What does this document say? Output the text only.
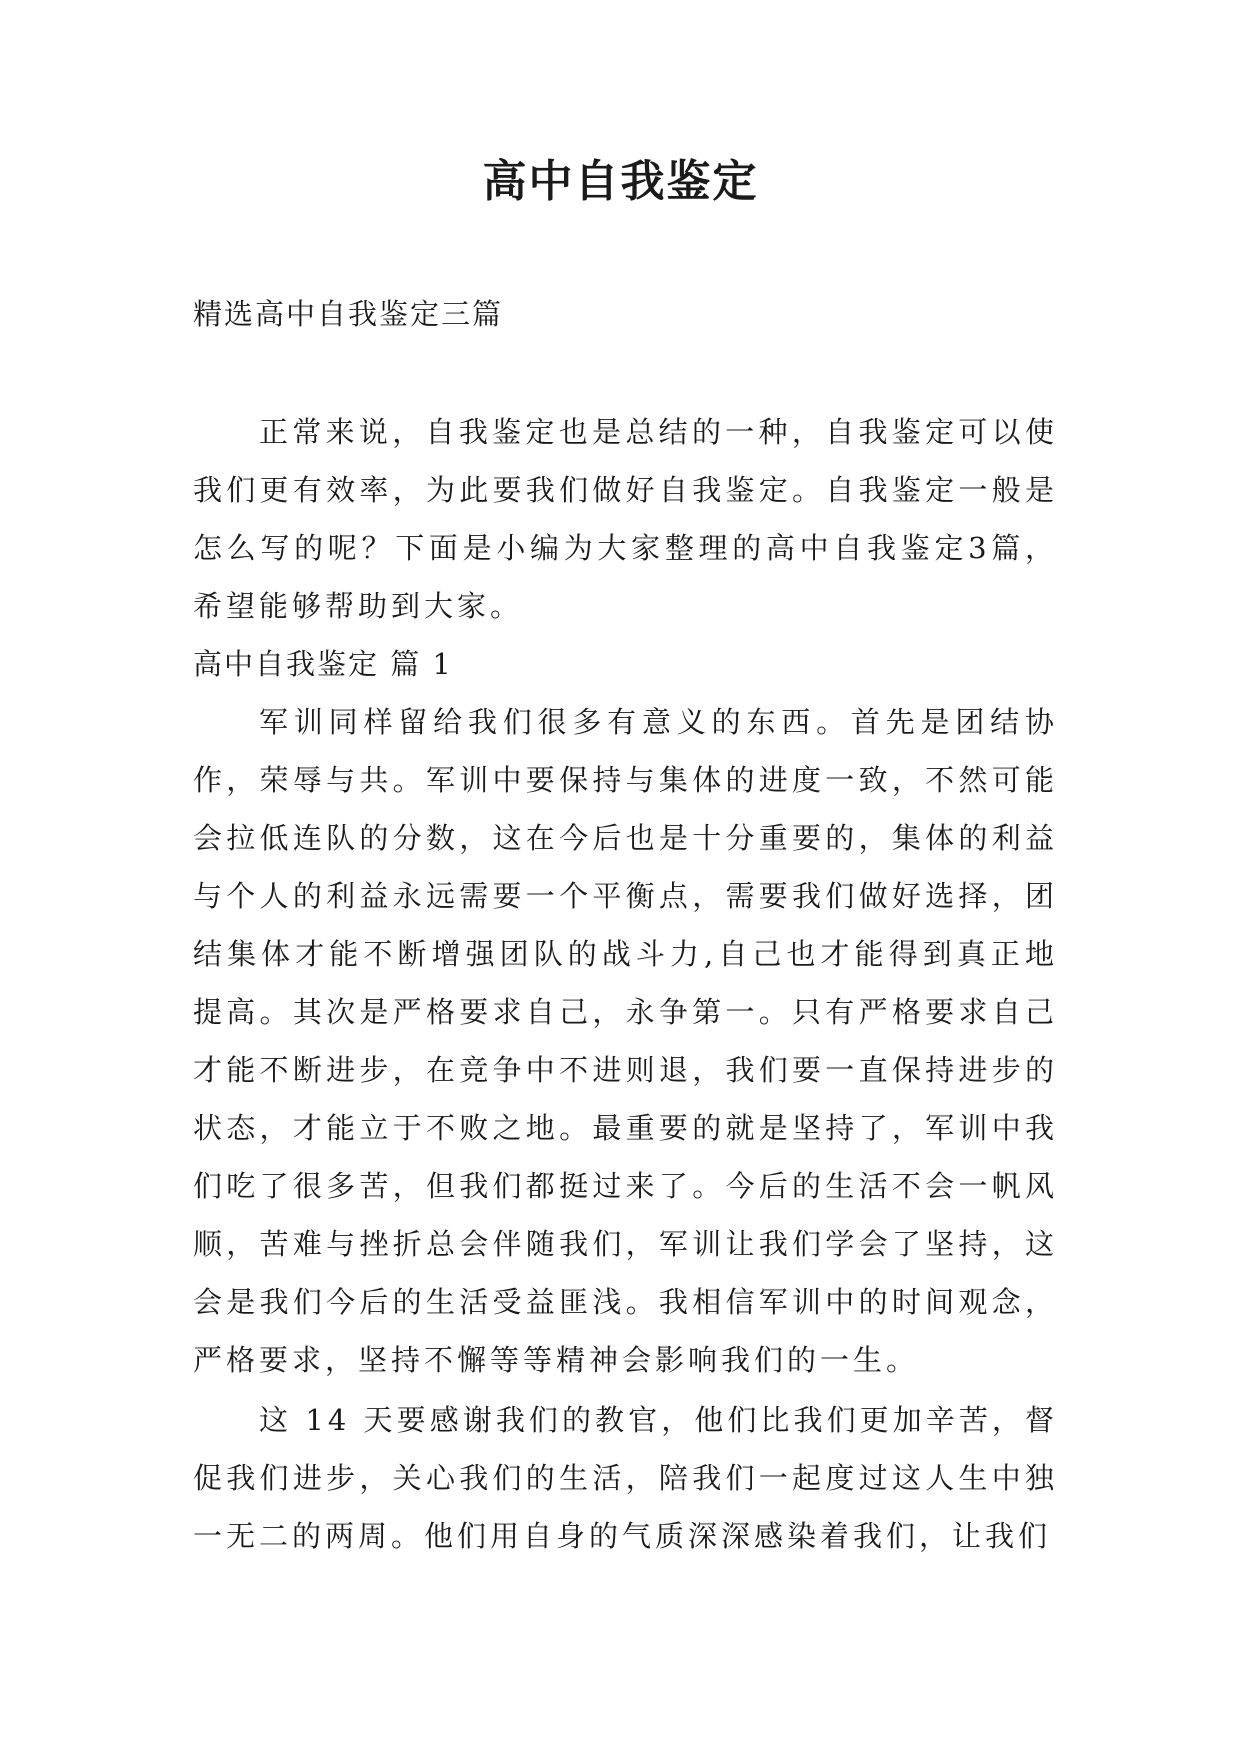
高中自我鉴定

精选高中自我鉴定三篇

正常来说，自我鉴定也是总结的一种，自我鉴定可以使我们更有效率，为此要我们做好自我鉴定。自我鉴定一般是怎么写的呢？下面是小编为大家整理的高中自我鉴定3篇，希望能够帮助到大家。

高中自我鉴定 篇 1

军训同样留给我们很多有意义的东西。首先是团结协作，荣辱与共。军训中要保持与集体的进度一致，不然可能会拉低连队的分数，这在今后也是十分重要的，集体的利益与个人的利益永远需要一个平衡点，需要我们做好选择，团结集体才能不断增强团队的战斗力,自己也才能得到真正地提高。其次是严格要求自己，永争第一。只有严格要求自己才能不断进步，在竞争中不进则退，我们要一直保持进步的状态，才能立于不败之地。最重要的就是坚持了，军训中我们吃了很多苦，但我们都挺过来了。今后的生活不会一帆风顺，苦难与挫折总会伴随我们，军训让我们学会了坚持，这会是我们今后的生活受益匪浅。我相信军训中的时间观念，严格要求，坚持不懈等等精神会影响我们的一生。

这 14 天要感谢我们的教官，他们比我们更加辛苦，督促我们进步，关心我们的生活，陪我们一起度过这人生中独一无二的两周。他们用自身的气质深深感染着我们，让我们
